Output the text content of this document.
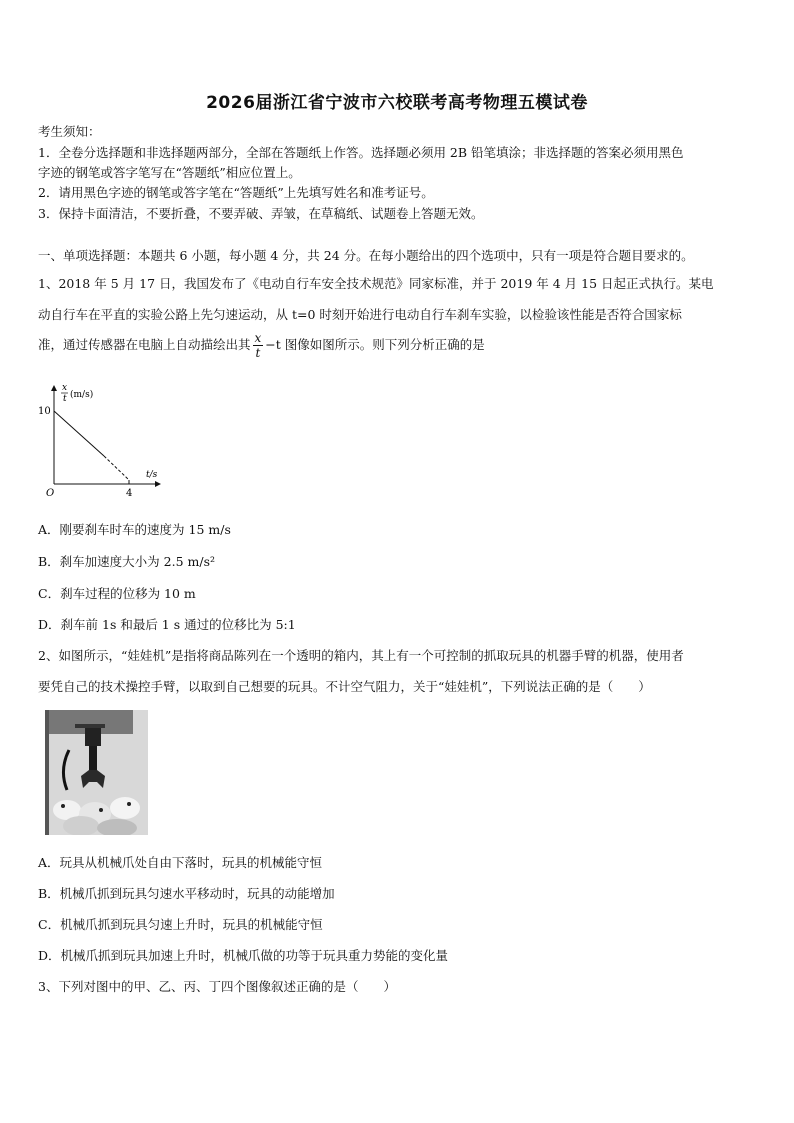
2026届浙江省宁波市六校联考高考物理五模试卷
考生须知：
1．全卷分选择题和非选择题两部分，全部在答题纸上作答。选择题必须用 2B 铅笔填涂；非选择题的答案必须用黑色
字迹的钢笔或答字笔写在“答题纸”相应位置上。
2．请用黑色字迹的钢笔或答字笔在“答题纸”上先填写姓名和准考证号。
3．保持卡面清洁，不要折叠，不要弄破、弄皱，在草稿纸、试题卷上答题无效。
一、单项选择题：本题共 6 小题，每小题 4 分，共 24 分。在每小题给出的四个选项中，只有一项是符合题目要求的。
1、2018 年 5 月 17 日，我国发布了《电动自行车安全技术规范》同家标准，并于 2019 年 4 月 15 日起正式执行。某电
动自行车在平直的实验公路上先匀速运动，从 t=0 时刻开始进行电动自行车刹车实验，以检验该性能是否符合国家标
准，通过传感器在电脑上自动描绘出其 $\frac{x}{t} -t$ 图像如图所示。则下列分析正确的是
x
t (m/s)
10
t/s
4
O
A．刚要刹车时车的速度为 15 m/s
B．刹车加速度大小为 2.5 m/s²
C．刹车过程的位移为 10 m
D．刹车前 1s 和最后 1 s 通过的位移比为 5:1
2、如图所示，“娃娃机”是指将商品陈列在一个透明的箱内，其上有一个可控制的抓取玩具的机器手臂的机器，使用者
要凭自己的技术操控手臂，以取到自己想要的玩具。不计空气阻力，关于“娃娃机”，下列说法正确的是（　　）
A．玩具从机械爪处自由下落时，玩具的机械能守恒
B．机械爪抓到玩具匀速水平移动时，玩具的动能增加
C．机械爪抓到玩具匀速上升时，玩具的机械能守恒
D．机械爪抓到玩具加速上升时，机械爪做的功等于玩具重力势能的变化量
3、下列对图中的甲、乙、丙、丁四个图像叙述正确的是（　　）
